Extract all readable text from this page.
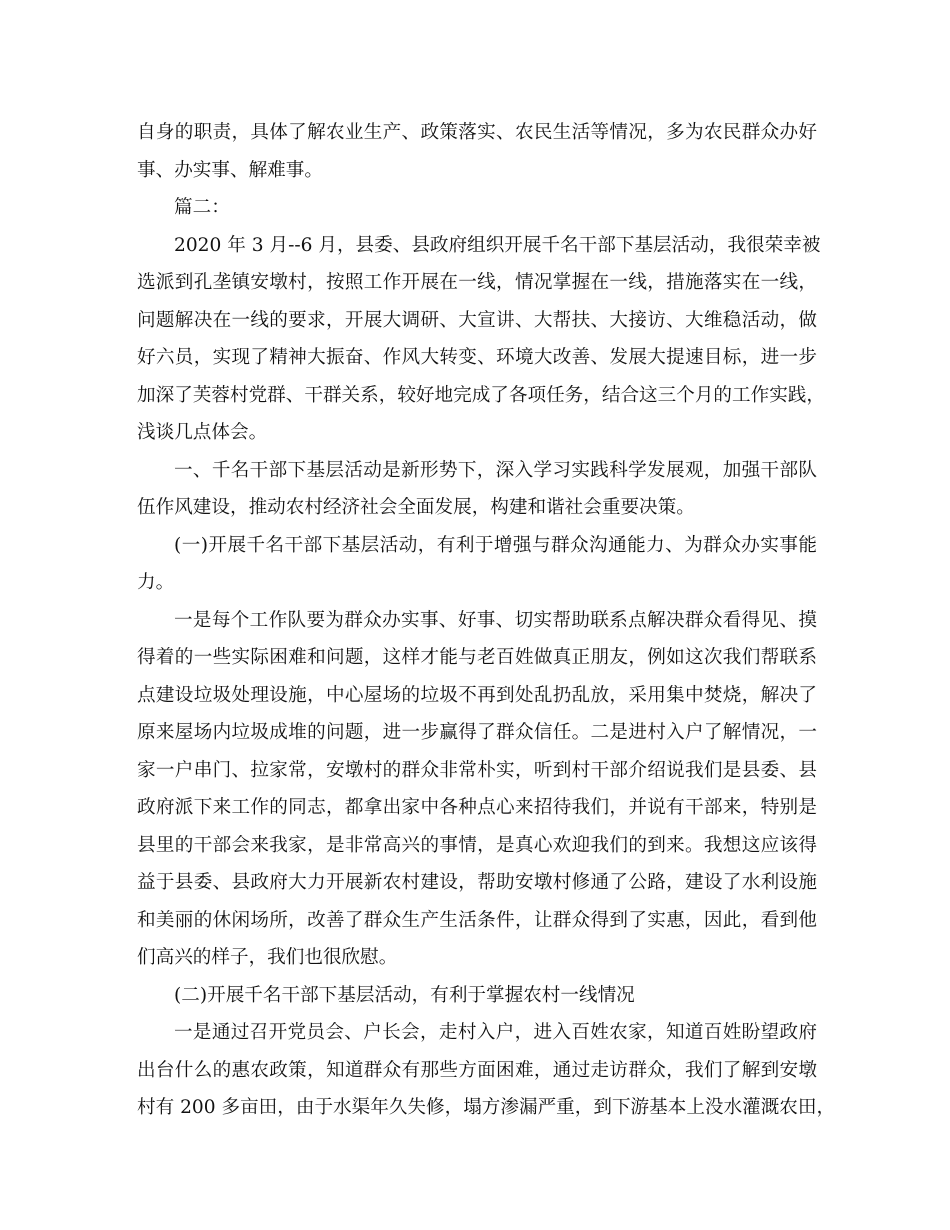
自身的职责，具体了解农业生产、政策落实、农民生活等情况，多为农民群众办好
事、办实事、解难事。
篇二：
2020 年 3 月--6 月，县委、县政府组织开展千名干部下基层活动，我很荣幸被
选派到孔垄镇安墩村，按照工作开展在一线，情况掌握在一线，措施落实在一线，
问题解决在一线的要求，开展大调研、大宣讲、大帮扶、大接访、大维稳活动，做
好六员，实现了精神大振奋、作风大转变、环境大改善、发展大提速目标，进一步
加深了芙蓉村党群、干群关系，较好地完成了各项任务，结合这三个月的工作实践，
浅谈几点体会。
一、千名干部下基层活动是新形势下，深入学习实践科学发展观，加强干部队
伍作风建设，推动农村经济社会全面发展，构建和谐社会重要决策。
(一)开展千名干部下基层活动，有利于增强与群众沟通能力、为群众办实事能
力。
一是每个工作队要为群众办实事、好事、切实帮助联系点解决群众看得见、摸
得着的一些实际困难和问题，这样才能与老百姓做真正朋友，例如这次我们帮联系
点建设垃圾处理设施，中心屋场的垃圾不再到处乱扔乱放，采用集中焚烧，解决了
原来屋场内垃圾成堆的问题，进一步赢得了群众信任。二是进村入户了解情况，一
家一户串门、拉家常，安墩村的群众非常朴实，听到村干部介绍说我们是县委、县
政府派下来工作的同志，都拿出家中各种点心来招待我们，并说有干部来，特别是
县里的干部会来我家，是非常高兴的事情，是真心欢迎我们的到来。我想这应该得
益于县委、县政府大力开展新农村建设，帮助安墩村修通了公路，建设了水利设施
和美丽的休闲场所，改善了群众生产生活条件，让群众得到了实惠，因此，看到他
们高兴的样子，我们也很欣慰。
(二)开展千名干部下基层活动，有利于掌握农村一线情况
一是通过召开党员会、户长会，走村入户，进入百姓农家，知道百姓盼望政府
出台什么的惠农政策，知道群众有那些方面困难，通过走访群众，我们了解到安墩
村有 200 多亩田，由于水渠年久失修，塌方渗漏严重，到下游基本上没水灌溉农田，
